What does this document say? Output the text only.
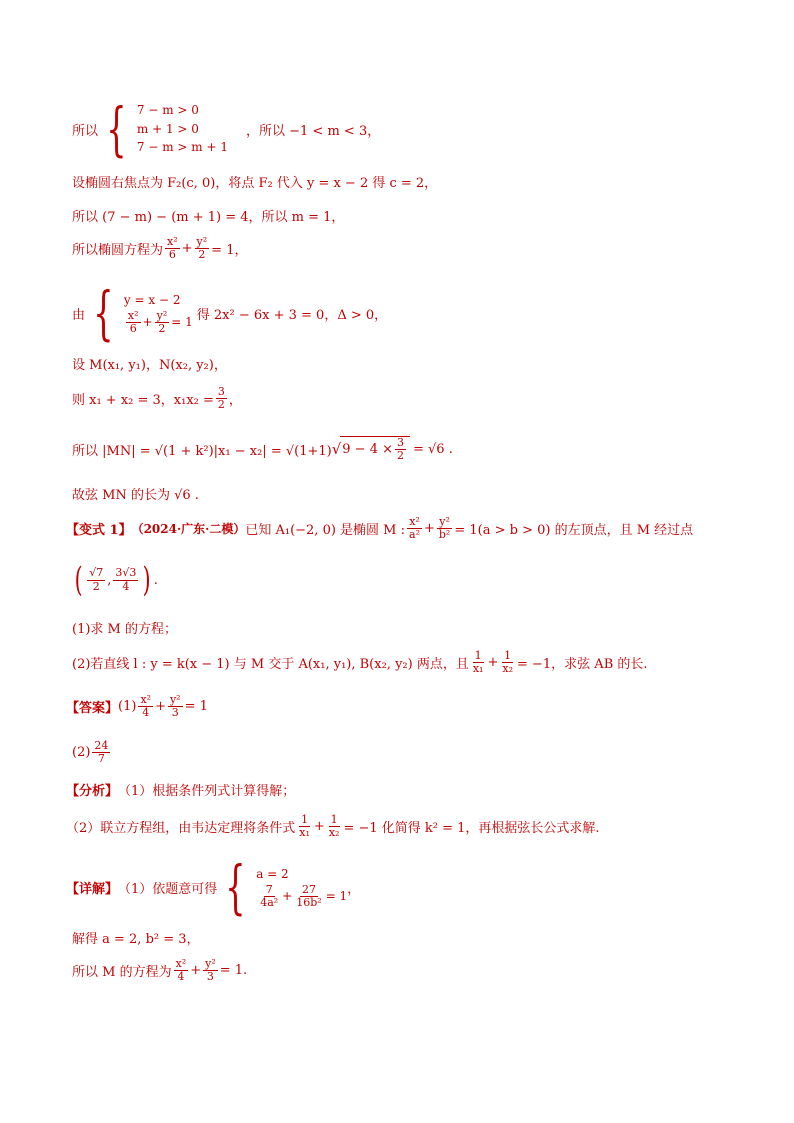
所以 { 7 − m > 0
m + 1 > 0
7 − m > m + 1
，所以 −1 < m < 3，
设椭圆右焦点为 F₂(c, 0)，将点 F₂ 代入 y = x − 2 得 c = 2，
所以 (7 − m) − (m + 1) = 4，所以 m = 1，
所以椭圆方程为 $\frac{\text{x²}}{6} + \frac{\text{y²}}{2} = 1$，
由 { y = x − 2
$\frac{\text{x²}}{6} + \frac{\text{y²}}{2} = 1$ 得 2x² − 6x + 3 = 0，Δ > 0，
设 M(x₁, y₁)，N(x₂, y₂)，
则 x₁ + x₂ = 3，$x_1x_2 = \frac{3}{2}$ ，
所以 |MN| = √(1 + k²)|x₁ − x₂| = √(1+1) √ $9 - 4 \times \frac{3}{2} = √6$ .
故弦 MN 的长为 √6 .
【变式 1】 （2024·广东·二模） 已知 A₁(−2, 0) 是椭圆 M : $\frac{\text{x²}}{\text{a²}} + \frac{\text{y²}}{\text{b²}} = 1(a > b > 0)$ 的左顶点，且 M 经过点
( $\frac{√7}{2}$ , $\frac{3√3}{4}$ ) .
(1)求 M 的方程；
(2)若直线 l : y = k(x − 1) 与 M 交于 A(x₁, y₁), B(x₂, y₂) 两点，且 $\frac{1}{\text{x₁}} + \frac{1}{\text{x₂}} = -1$，求弦 AB 的长.
【答案】 $(1) \frac{\text{x²}}{4} + \frac{\text{y²}}{3} = 1$
$(2) \frac{24}{7}$
【分析】 （1）根据条件列式计算得解；
（2）联立方程组，由韦达定理将条件式 $\frac{1}{\text{x₁}} + \frac{1}{\text{x₂}} = -1$ 化简得 k² = 1，再根据弦长公式求解.
【详解】 （1）依题意可得 { a = 2
$\frac{7}{\text{4a²}} + \frac{27}{\text{16b²}} = 1$ ，
解得 a = 2, b² = 3，
所以 M 的方程为 $\frac{\text{x²}}{4} + \frac{\text{y²}}{3} = 1$.
